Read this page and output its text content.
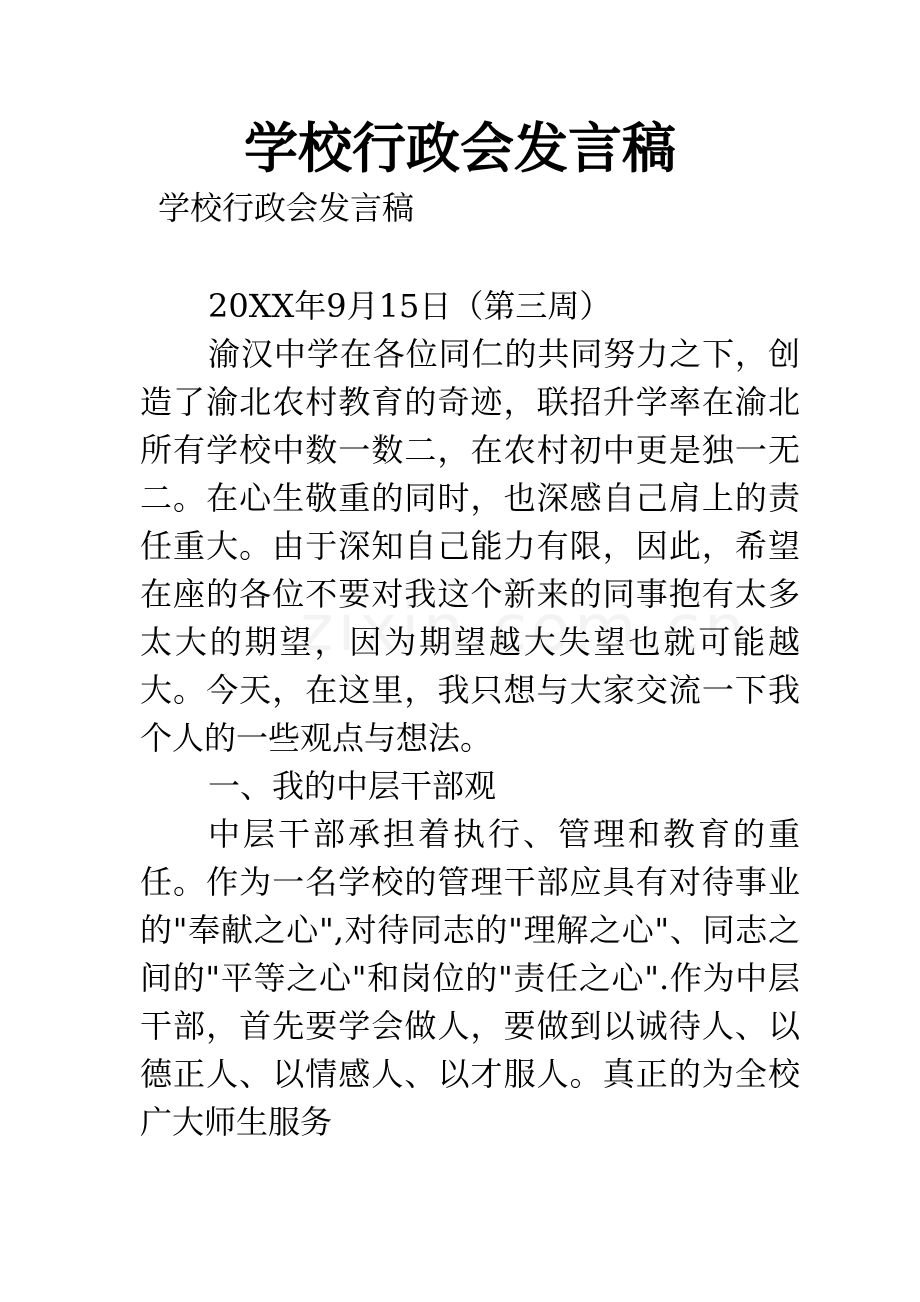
学校行政会发言稿

学校行政会发言稿

20XX年9月15日（第三周）

渝汉中学在各位同仁的共同努力之下，创造了渝北农村教育的奇迹，联招升学率在渝北所有学校中数一数二，在农村初中更是独一无二。在心生敬重的同时，也深感自己肩上的责任重大。由于深知自己能力有限，因此，希望在座的各位不要对我这个新来的同事抱有太多太大的期望，因为期望越大失望也就可能越大。今天，在这里，我只想与大家交流一下我个人的一些观点与想法。

一、我的中层干部观

中层干部承担着执行、管理和教育的重任。作为一名学校的管理干部应具有对待事业的"奉献之心",对待同志的"理解之心"、同志之间的"平等之心"和岗位的"责任之心".作为中层干部，首先要学会做人，要做到以诚待人、以德正人、以情感人、以才服人。真正的为全校广大师生服务
